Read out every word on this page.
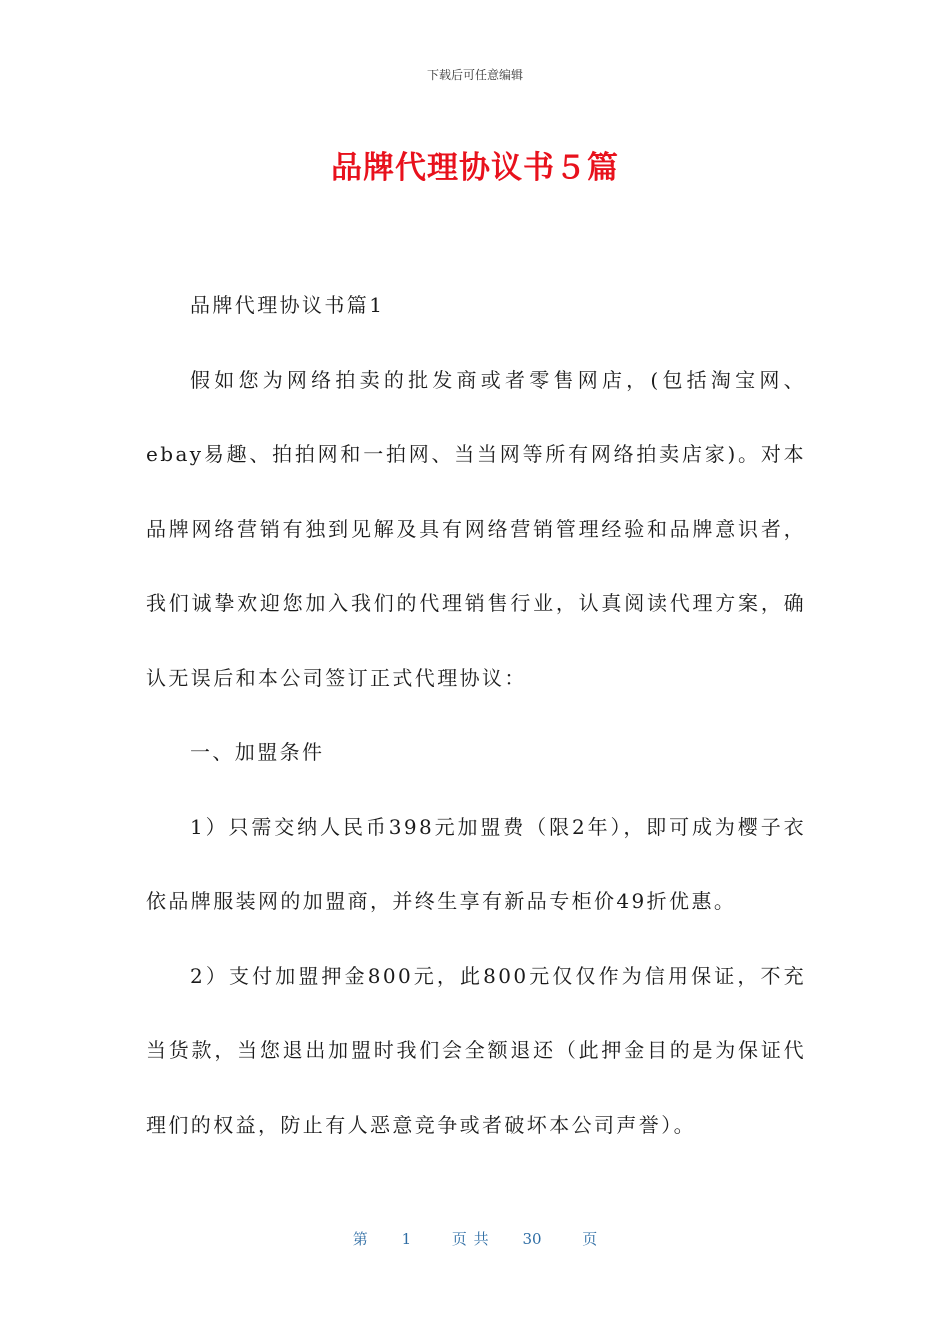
下载后可任意编辑
品牌代理协议书５篇

品牌代理协议书篇1

假如您为网络拍卖的批发商或者零售网店，(包括淘宝网、ebay易趣、拍拍网和一拍网、当当网等所有网络拍卖店家)。对本品牌网络营销有独到见解及具有网络营销管理经验和品牌意识者，我们诚挚欢迎您加入我们的代理销售行业，认真阅读代理方案，确认无误后和本公司签订正式代理协议：

一、加盟条件

1）只需交纳人民币398元加盟费（限2年），即可成为樱子衣依品牌服装网的加盟商，并终生享有新品专柜价49折优惠。

2）支付加盟押金800元，此800元仅仅作为信用保证，不充当货款，当您退出加盟时我们会全额退还（此押金目的是为保证代理们的权益，防止有人恶意竞争或者破坏本公司声誉）。

第 1	页 共 30	页
